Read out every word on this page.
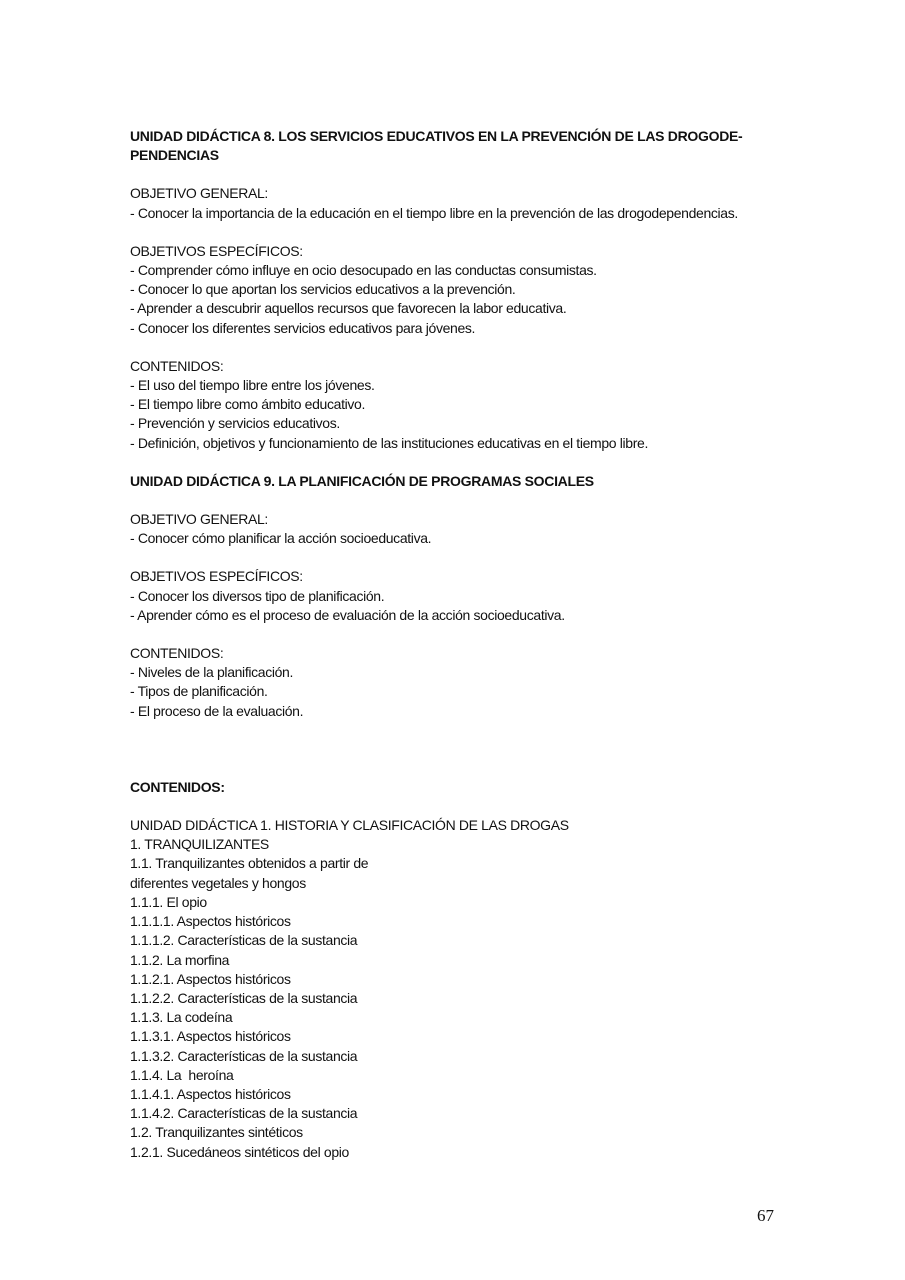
UNIDAD DIDÁCTICA 8. LOS SERVICIOS EDUCATIVOS EN LA PREVENCIÓN DE LAS DROGODE-
PENDENCIAS
OBJETIVO GENERAL:
- Conocer la importancia de la educación en el tiempo libre en la prevención de las drogodependencias.
OBJETIVOS ESPECÍFICOS:
- Comprender cómo influye en ocio desocupado en las conductas consumistas.
- Conocer lo que aportan los servicios educativos a la prevención.
- Aprender a descubrir aquellos recursos que favorecen la labor educativa.
- Conocer los diferentes servicios educativos para jóvenes.
CONTENIDOS:
- El uso del tiempo libre entre los jóvenes.
- El tiempo libre como ámbito educativo.
- Prevención y servicios educativos.
- Definición, objetivos y funcionamiento de las instituciones educativas en el tiempo libre.
UNIDAD DIDÁCTICA 9. LA PLANIFICACIÓN DE PROGRAMAS SOCIALES
OBJETIVO GENERAL:
- Conocer cómo planificar la acción socioeducativa.
OBJETIVOS ESPECÍFICOS:
- Conocer los diversos tipo de planificación.
- Aprender cómo es el proceso de evaluación de la acción socioeducativa.
CONTENIDOS:
- Niveles de la planificación.
- Tipos de planificación.
- El proceso de la evaluación.
CONTENIDOS:
UNIDAD DIDÁCTICA 1. HISTORIA Y CLASIFICACIÓN DE LAS DROGAS
1. TRANQUILIZANTES
1.1. Tranquilizantes obtenidos a partir de
diferentes vegetales y hongos
1.1.1. El opio
1.1.1.1. Aspectos históricos
1.1.1.2. Características de la sustancia
1.1.2. La morfina
1.1.2.1. Aspectos históricos
1.1.2.2. Características de la sustancia
1.1.3. La codeína
1.1.3.1. Aspectos históricos
1.1.3.2. Características de la sustancia
1.1.4. La  heroína
1.1.4.1. Aspectos históricos
1.1.4.2. Características de la sustancia
1.2. Tranquilizantes sintéticos
1.2.1. Sucedáneos sintéticos del opio
67
